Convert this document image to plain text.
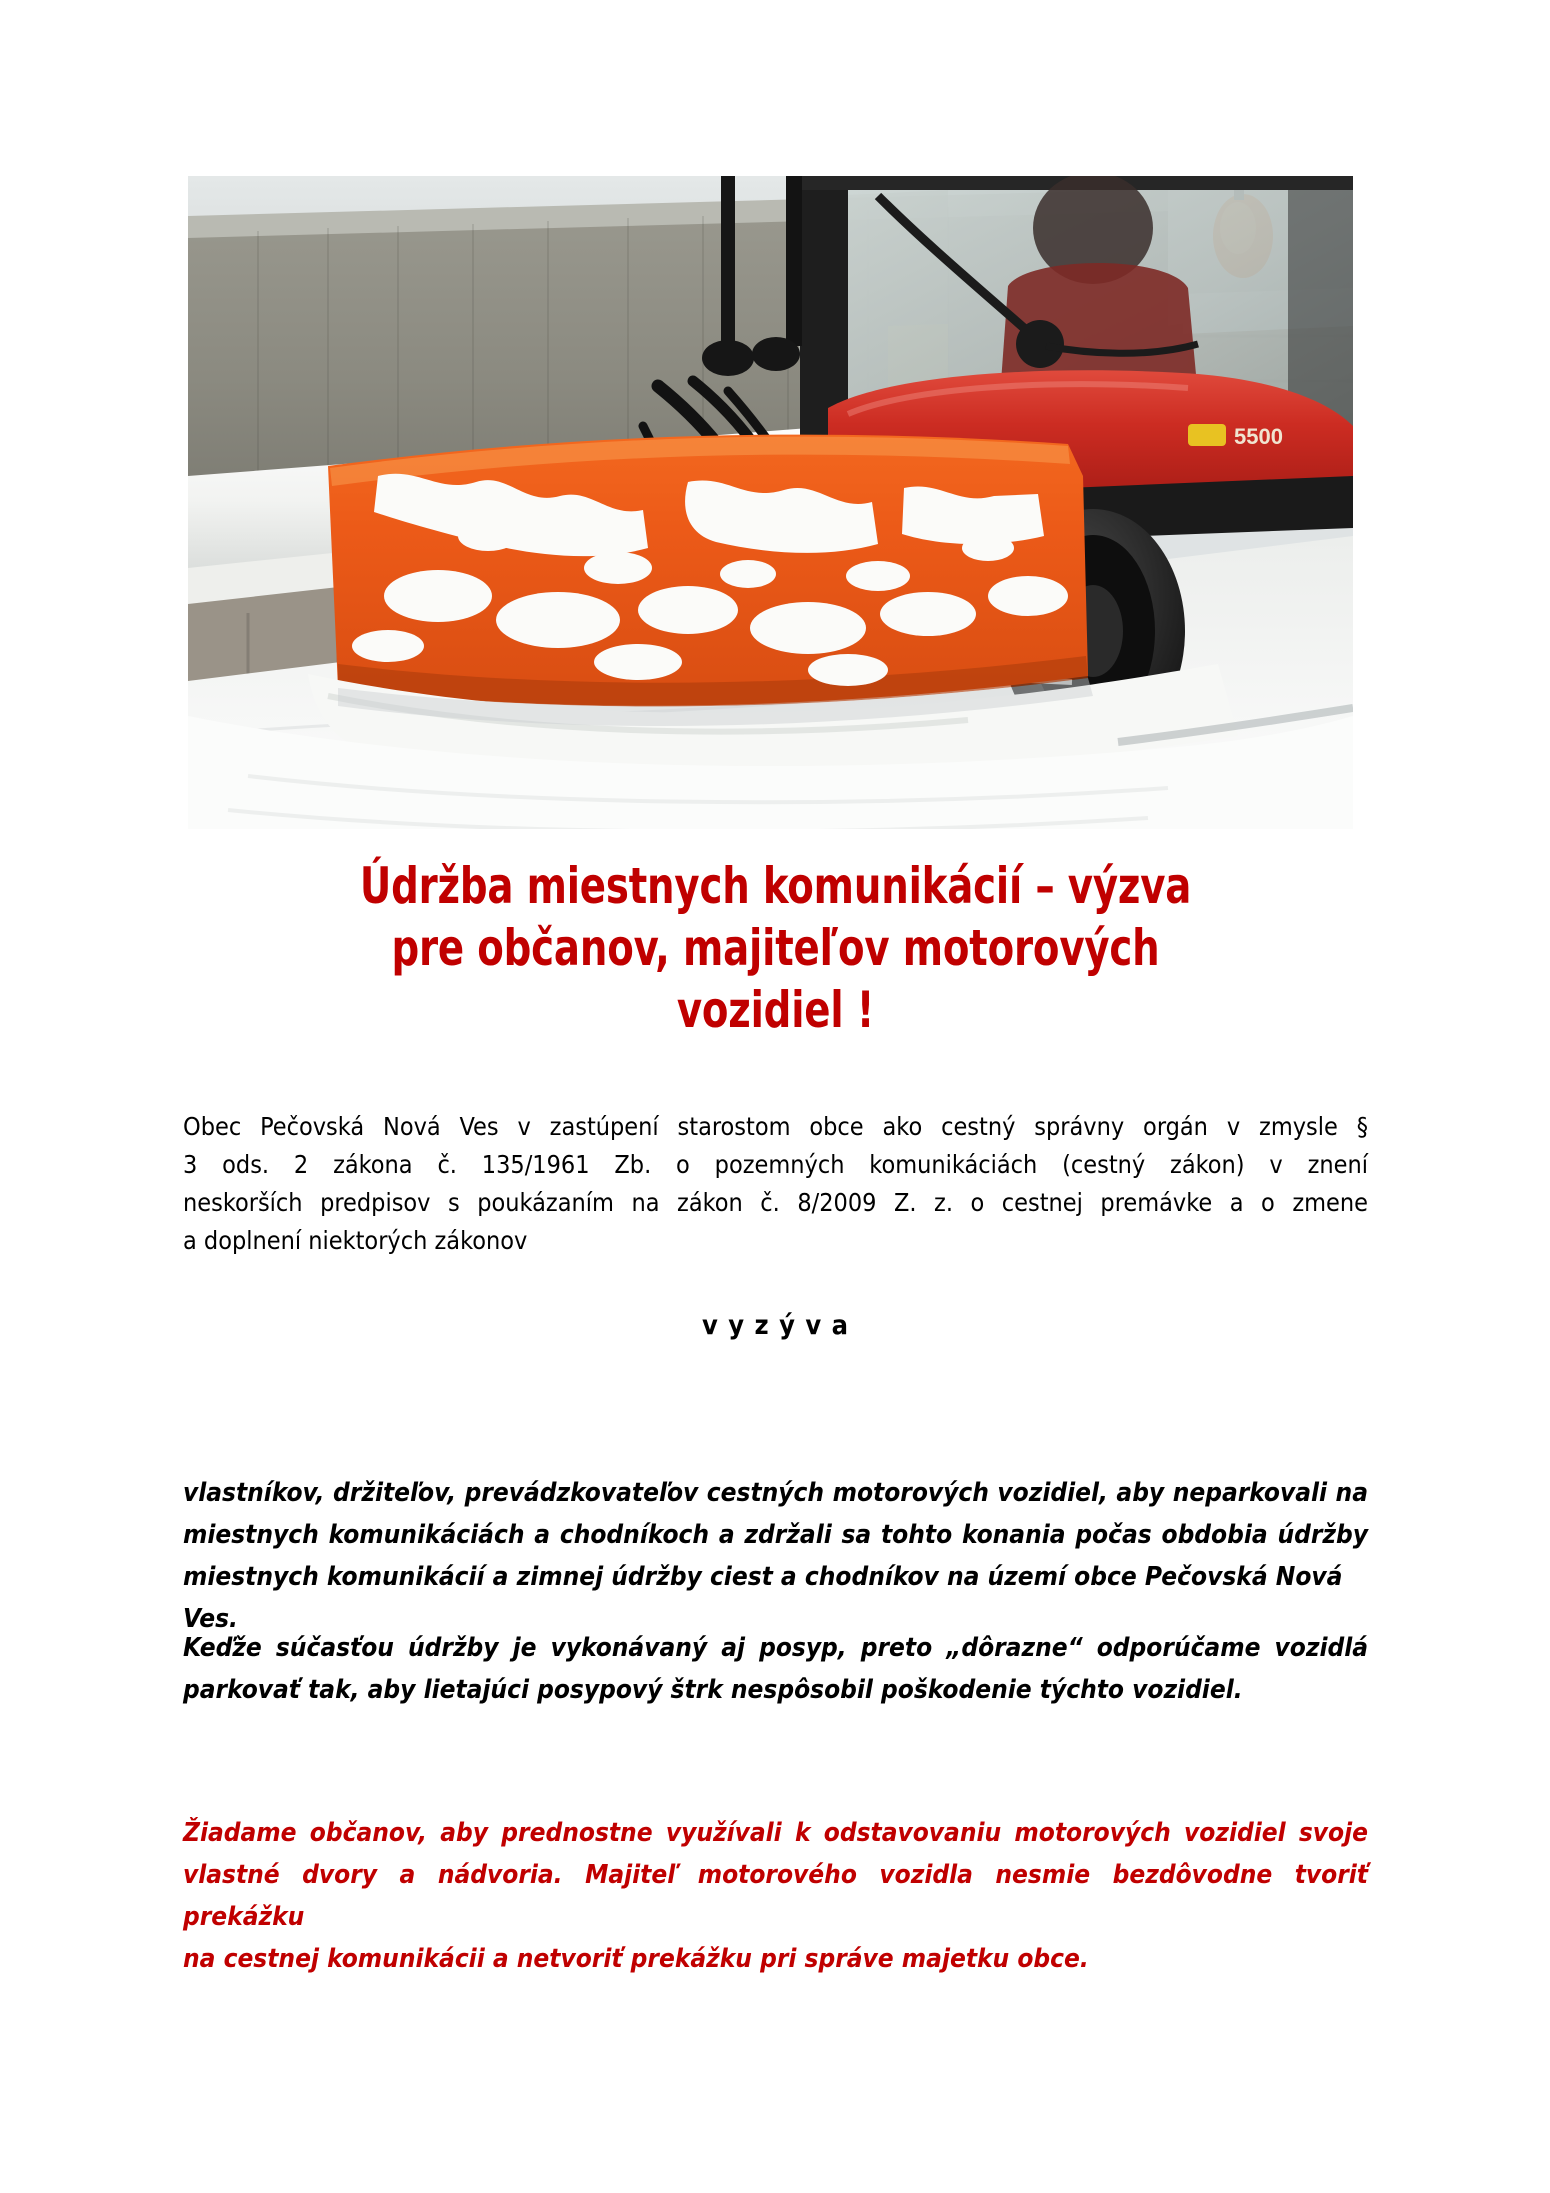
5500
Údržba miestnych komunikácií – výzva
pre občanov, majiteľov motorových
vozidiel !

Obec Pečovská Nová Ves v zastúpení starostom obce ako cestný správny orgán v zmysle §

3 ods. 2 zákona č. 135/1961 Zb. o pozemných komunikáciách (cestný zákon) v znení

neskorších predpisov s poukázaním na zákon č. 8/2009 Z. z. o cestnej premávke a o zmene

a doplnení niektorých zákonov

v y z ý v a

vlastníkov, držiteľov, prevádzkovateľov cestných motorových vozidiel, aby neparkovali na

miestnych komunikáciách a chodníkoch a zdržali sa tohto konania počas obdobia údržby

miestnych komunikácií a zimnej údržby ciest a chodníkov na území obce Pečovská Nová Ves.

Keďže súčasťou údržby je vykonávaný aj posyp, preto „dôrazne“ odporúčame vozidlá

parkovať tak, aby lietajúci posypový štrk nespôsobil poškodenie týchto vozidiel.

Žiadame občanov, aby prednostne využívali k odstavovaniu motorových vozidiel svoje

vlastné dvory a nádvoria. Majiteľ motorového vozidla nesmie bezdôvodne tvoriť prekážku

na cestnej komunikácii a netvoriť prekážku pri správe majetku obce.
